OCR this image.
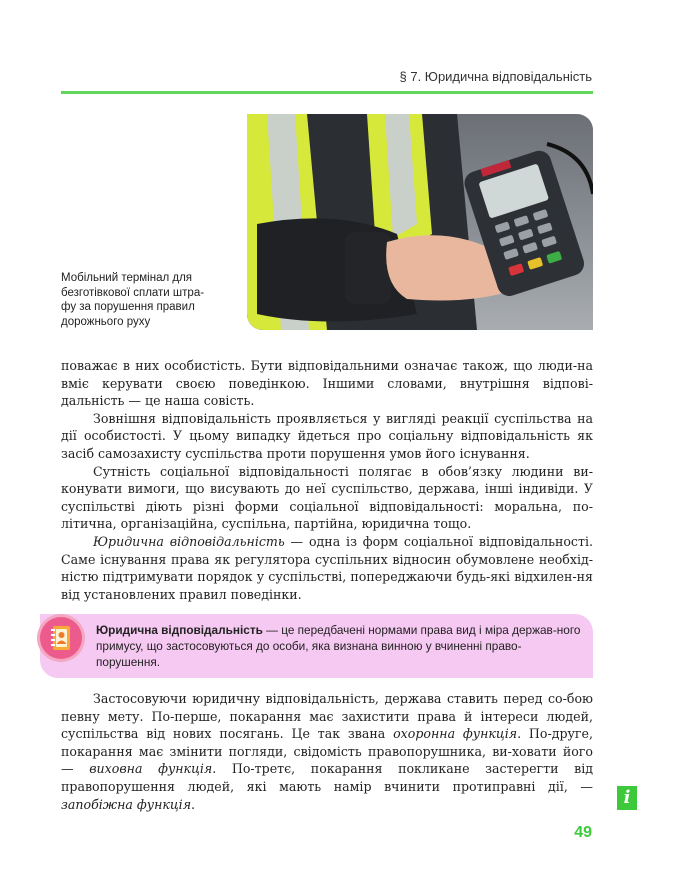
§ 7. Юридична відповідальність
Мобільний термінал для
безготівкової сплати штра-
фу за порушення правил
дорожнього руху

поважає в них особистість. Бути відповідальними означає також, що люди-на вміє керувати своєю поведінкою. Іншими словами, внутрішня відпові-дальність — це наша совість.

Зовнішня відповідальність проявляється у вигляді реакції суспільства на дії особистості. У цьому випадку йдеться про соціальну відповідальність як засіб самозахисту суспільства проти порушення умов його існування.

Сутність соціальної відповідальності полягає в обов’язку людини ви-конувати вимоги, що висувають до неї суспільство, держава, інші індивіди. У суспільстві діють різні форми соціальної відповідальності: моральна, по-літична, організаційна, суспільна, партійна, юридична тощо.

Юридична відповідальність — одна із форм соціальної відповідальності. Саме існування права як регулятора суспільних відносин обумовлене необхід-ністю підтримувати порядок у суспільстві, попереджаючи будь-які відхилен-ня від установлених правил поведінки.

Юридична відповідальність — це передбачені нормами права вид і міра держав-ного примусу, що застосовуються до особи, яка визнана винною у вчиненні право-порушення.

Застосовуючи юридичну відповідальність, держава ставить перед со-бою певну мету. По-перше, покарання має захистити права й інтереси людей, суспільства від нових посягань. Це так звана охоронна функція. По-друге, покарання має змінити погляди, свідомість правопорушника, ви-ховати його — виховна функція. По-третє, покарання покликане застерегти від правопорушення людей, які мають намір вчинити протиправні дії, — запобіжна функція.	i
49
